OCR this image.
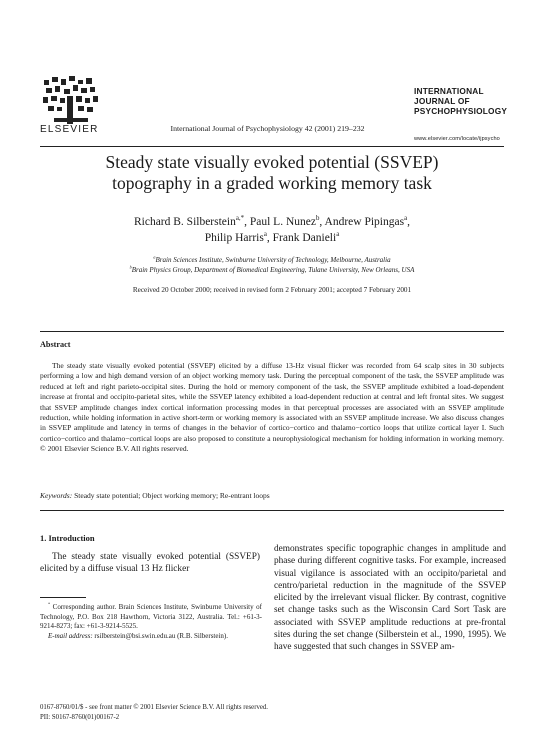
ELSEVIER	International Journal of Psychophysiology 42 (2001) 219–232
INTERNATIONAL
JOURNAL OF
PSYCHOPHYSIOLOGY
www.elsevier.com/locate/ijpsycho
Steady state visually evoked potential (SSVEP)
topography in a graded working memory task
Richard B. Silberstein$^{a,*}$, Paul L. Nunez$^b$, Andrew Pipingas$^a$,
Philip Harris$^a$, Frank Danieli$^a$
$^a$Brain Sciences Institute, Swinburne University of Technology, Melbourne, Australia
$^b$Brain Physics Group, Department of Biomedical Engineering, Tulane University, New Orleans, USA
Received 20 October 2000; received in revised form 2 February 2001; accepted 7 February 2001
Abstract
The steady state visually evoked potential (SSVEP) elicited by a diffuse 13-Hz visual flicker was recorded from 64 scalp sites in 30 subjects performing a low and high demand version of an object working memory task. During the perceptual component of the task, the SSVEP amplitude was reduced at left and right parieto-occipital sites. During the hold or memory component of the task, the SSVEP amplitude exhibited a load-dependent increase at frontal and occipito-parietal sites, while the SSVEP latency exhibited a load-dependent reduction at central and left frontal sites. We suggest that SSVEP amplitude changes index cortical information processing modes in that perceptual processes are associated with an SSVEP amplitude reduction, while holding information in active short-term or working memory is associated with an SSVEP amplitude increase. We also discuss changes in SSVEP amplitude and latency in terms of changes in the behavior of cortico−cortico and thalamo−cortico loops that utilize cortical layer I. Such cortico−cortico and thalamo−cortical loops are also proposed to constitute a neurophysiological mechanism for holding information in working memory. © 2001 Elsevier Science B.V. All rights reserved.
Keywords: Steady state potential; Object working memory; Re-entrant loops
1. Introduction
The steady state visually evoked potential (SSVEP) elicited by a diffuse visual 13 Hz flicker
* Corresponding author. Brain Sciences Institute, Swinburne University of Technology, P.O. Box 218 Hawthorn, Victoria 3122, Australia. Tel.: +61-3-9214-8273; fax: +61-3-9214-5525.
E-mail address: rsilberstein@bsi.swin.edu.au (R.B. Silberstein).
demonstrates specific topographic changes in amplitude and phase during different cognitive tasks. For example, increased visual vigilance is associated with an occipito/parietal and centro/parietal reduction in the magnitude of the SSVEP elicited by the irrelevant visual flicker. By contrast, cognitive set change tasks such as the Wisconsin Card Sort Task are associated with SSVEP amplitude reductions at pre-frontal sites during the set change (Silberstein et al., 1990, 1995). We have suggested that such changes in SSVEP am-
0167-8760/01/$ - see front matter © 2001 Elsevier Science B.V. All rights reserved.
PII: S0167-8760(01)00167-2
